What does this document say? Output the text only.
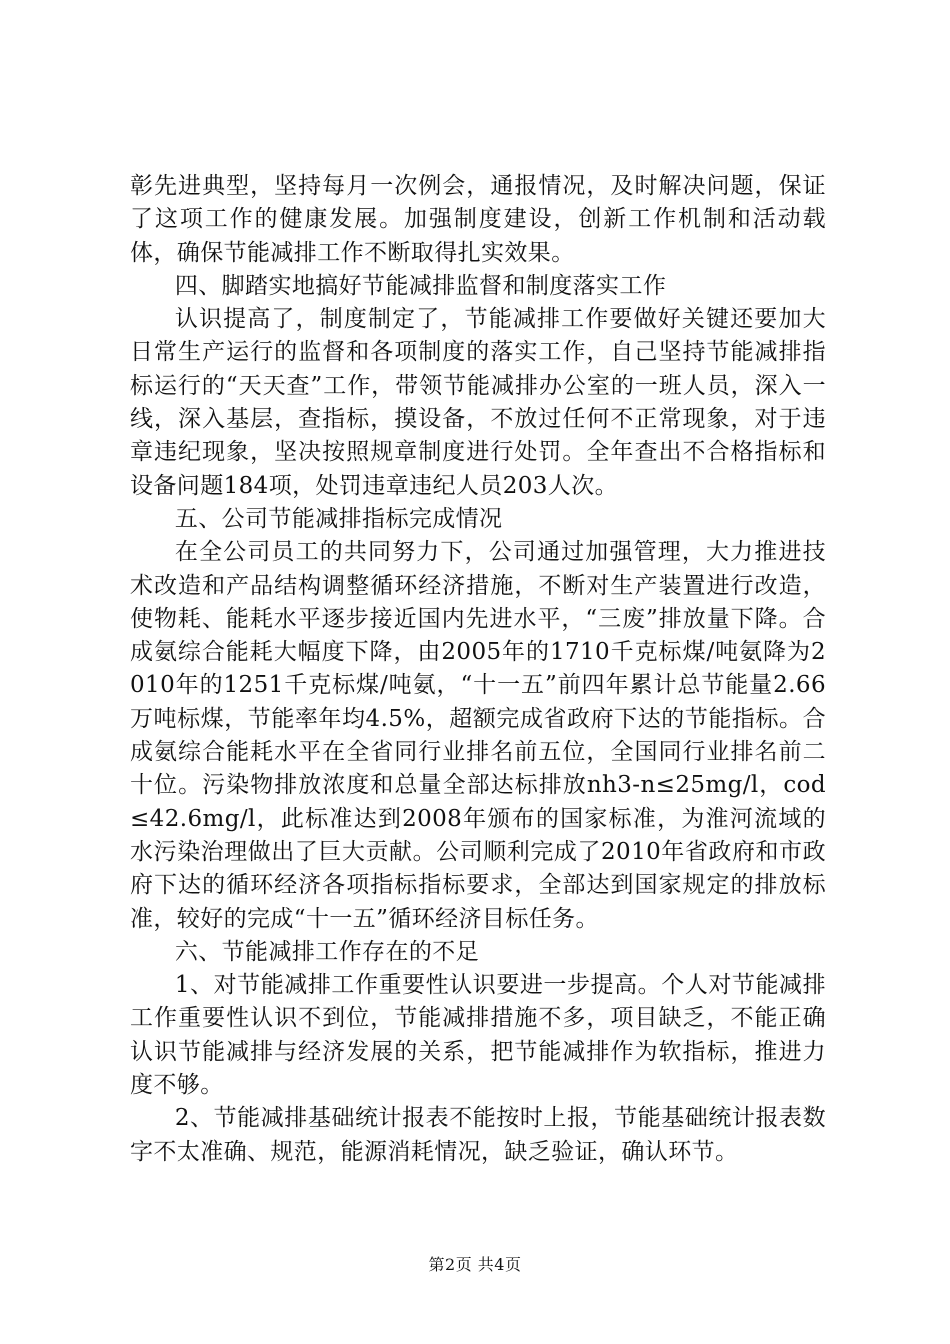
彰先进典型，坚持每月一次例会，通报情况，及时解决问题，保证了这项工作的健康发展。加强制度建设，创新工作机制和活动载体，确保节能减排工作不断取得扎实效果。

四、脚踏实地搞好节能减排监督和制度落实工作

认识提高了，制度制定了，节能减排工作要做好关键还要加大日常生产运行的监督和各项制度的落实工作，自己坚持节能减排指标运行的“天天查”工作，带领节能减排办公室的一班人员，深入一线，深入基层，查指标，摸设备，不放过任何不正常现象，对于违章违纪现象，坚决按照规章制度进行处罚。全年查出不合格指标和设备问题184项，处罚违章违纪人员203人次。

五、公司节能减排指标完成情况

在全公司员工的共同努力下，公司通过加强管理，大力推进技术改造和产品结构调整循环经济措施，不断对生产装置进行改造，使物耗、能耗水平逐步接近国内先进水平，“三废”排放量下降。合成氨综合能耗大幅度下降，由2005年的1710千克标煤/吨氨降为2010年的1251千克标煤/吨氨，“十一五”前四年累计总节能量2.66万吨标煤，节能率年均4.5%，超额完成省政府下达的节能指标。合成氨综合能耗水平在全省同行业排名前五位，全国同行业排名前二十位。污染物排放浓度和总量全部达标排放nh3-n≤25mg/l，cod≤42.6mg/l，此标准达到2008年颁布的国家标准，为淮河流域的水污染治理做出了巨大贡献。公司顺利完成了2010年省政府和市政府下达的循环经济各项指标指标要求，全部达到国家规定的排放标准，较好的完成“十一五”循环经济目标任务。

六、节能减排工作存在的不足

1、对节能减排工作重要性认识要进一步提高。个人对节能减排工作重要性认识不到位，节能减排措施不多，项目缺乏，不能正确认识节能减排与经济发展的关系，把节能减排作为软指标，推进力度不够。

2、节能减排基础统计报表不能按时上报，节能基础统计报表数字不太准确、规范，能源消耗情况，缺乏验证，确认环节。

第2页 共4页
